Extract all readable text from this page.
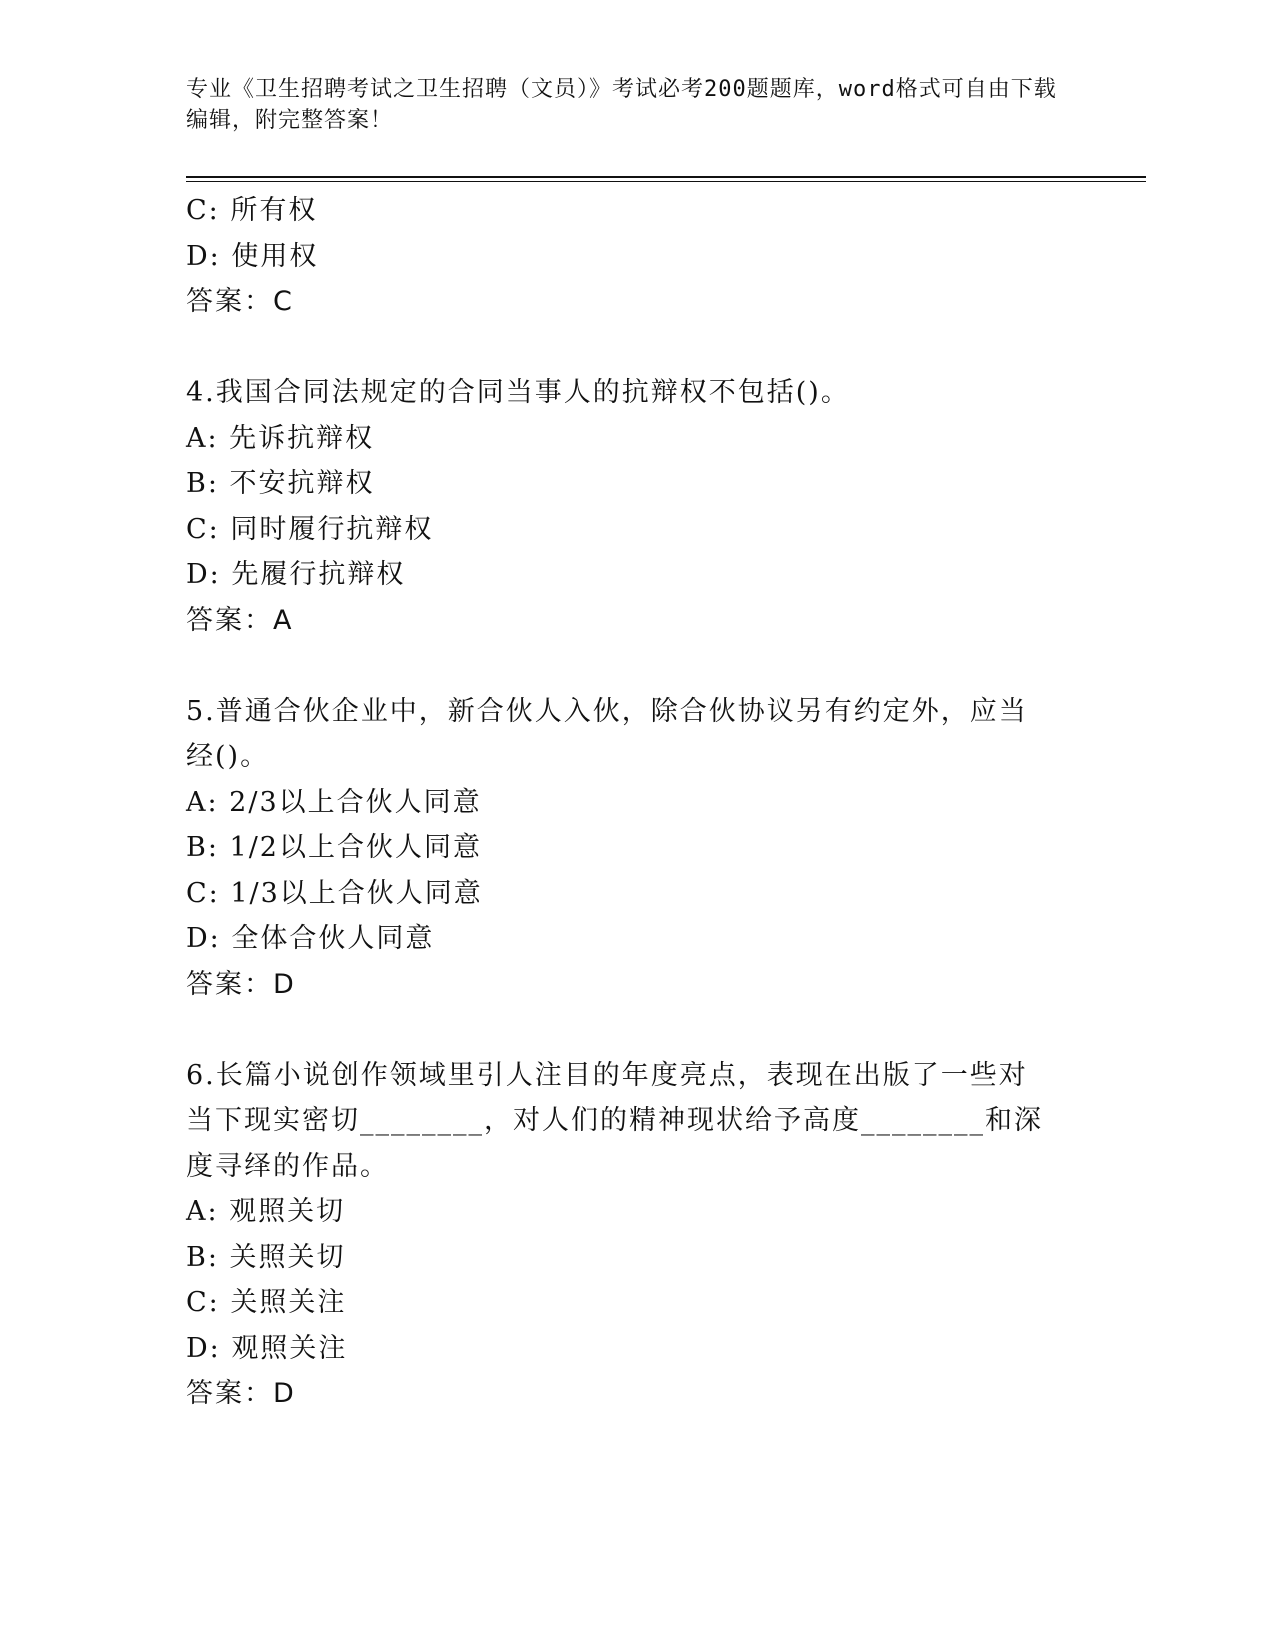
专业《卫生招聘考试之卫生招聘（文员）》考试必考200题题库，word格式可自由下载编辑，附完整答案！
C: 所有权
D: 使用权
答案：C
4.我国合同法规定的合同当事人的抗辩权不包括()。
A: 先诉抗辩权
B: 不安抗辩权
C: 同时履行抗辩权
D: 先履行抗辩权
答案：A
5.普通合伙企业中，新合伙人入伙，除合伙协议另有约定外，应当经()。
A: 2/3以上合伙人同意
B: 1/2以上合伙人同意
C: 1/3以上合伙人同意
D: 全体合伙人同意
答案：D
6.长篇小说创作领域里引人注目的年度亮点，表现在出版了一些对当下现实密切________，对人们的精神现状给予高度________和深度寻绎的作品。
A: 观照关切
B: 关照关切
C: 关照关注
D: 观照关注
答案：D
